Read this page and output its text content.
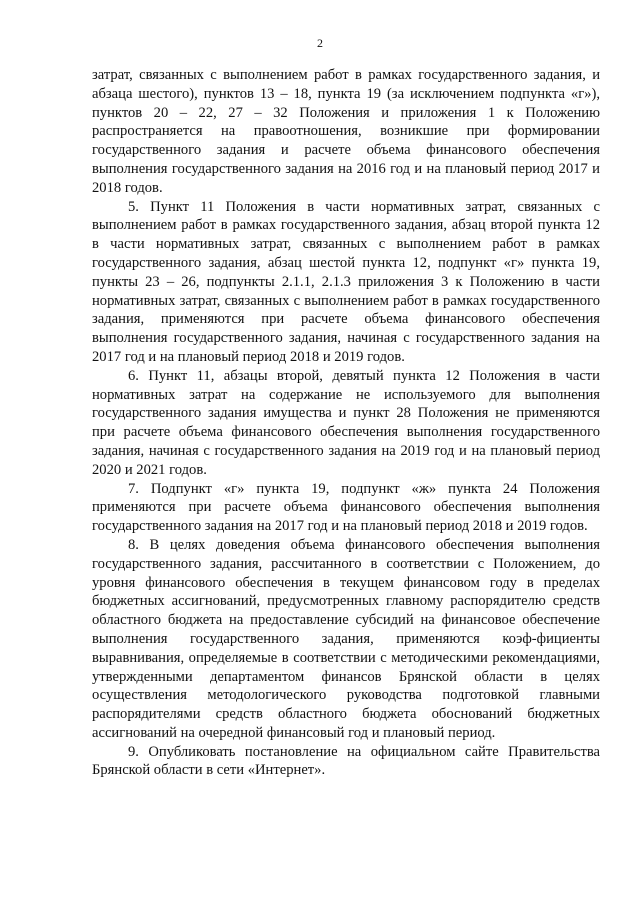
2

затрат, связанных с выполнением работ в рамках государственного задания, и абзаца шестого), пунктов 13 – 18, пункта 19 (за исключением подпункта «г»), пунктов 20 – 22, 27 – 32 Положения и приложения 1 к Положению распространяется на правоотношения, возникшие при формировании государственного задания и расчете объема финансового обеспечения выполнения государственного задания на 2016 год и на плановый период 2017 и 2018 годов.

5. Пункт 11 Положения в части нормативных затрат, связанных с выполнением работ в рамках государственного задания, абзац второй пункта 12 в части нормативных затрат, связанных с выполнением работ в рамках государственного задания, абзац шестой пункта 12, подпункт «г» пункта 19, пункты 23 – 26, подпункты 2.1.1, 2.1.3 приложения 3 к Положению в части нормативных затрат, связанных с выполнением работ в рамках государственного задания, применяются при расчете объема финансового обеспечения выполнения государственного задания, начиная с государственного задания на 2017 год и на плановый период 2018 и 2019 годов.

6. Пункт 11, абзацы второй, девятый пункта 12 Положения в части нормативных затрат на содержание не используемого для выполнения государственного задания имущества и пункт 28 Положения не применяются при расчете объема финансового обеспечения выполнения государственного задания, начиная с государственного задания на 2019 год и на плановый период 2020 и 2021 годов.

7. Подпункт «г» пункта 19, подпункт «ж» пункта 24 Положения применяются при расчете объема финансового обеспечения выполнения государственного задания на 2017 год и на плановый период 2018 и 2019 годов.

8. В целях доведения объема финансового обеспечения выполнения государственного задания, рассчитанного в соответствии с Положением, до уровня финансового обеспечения в текущем финансовом году в пределах бюджетных ассигнований, предусмотренных главному распорядителю средств областного бюджета на предоставление субсидий на финансовое обеспечение выполнения государственного задания, применяются коэф-фициенты выравнивания, определяемые в соответствии с методическими рекомендациями, утвержденными департаментом финансов Брянской области в целях осуществления методологического руководства подготовкой главными распорядителями средств областного бюджета обоснований бюджетных ассигнований на очередной финансовый год и плановый период.

9. Опубликовать постановление на официальном сайте Правительства Брянской области в сети «Интернет».
